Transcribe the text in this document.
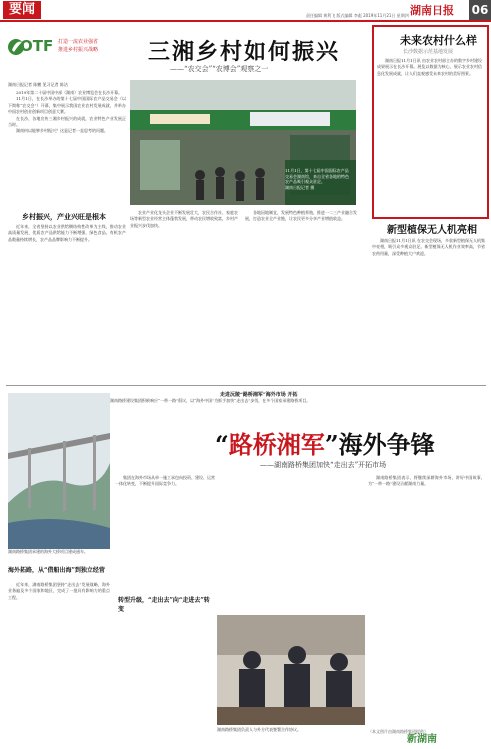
要闻	责任编辑 黄利飞 版式编辑 李彪 2019年11月21日 星期四 湖南日报 06
OTF 打造一流农业强省
推进乡村振兴战略	三湘乡村如何振兴
——“农交会”“农博会”观察之一
湖南日报记者 陈鹏 见习记者 陈洁

2019年第二十届中国中部（湖南）农业博览会在长沙开幕。

11月1日，在长沙举办的第十七届中国国际农产品交易会（以下简称“农交会”）开幕，集中展示我国农业农村发展成就，并举办中国农村创业创新项目创意大赛。

在长沙，各地宣传三湘乡村振兴的成就，农业特色产业发展正当时。

湖南何以能够乡村振兴？这是记者一直思考的问题。

乡村振兴，产业兴旺是根本

近年来，全省坚持以农业供给侧结构性改革为主线，推动农业高质量发展，优质农产品供给能力不断增强，绿色食品、有机农产品数量持续增长，农产品品牌影响力不断提升。

11月1日，第十七届中国国际农产品交易会湖南馆，来自全省各地的特色农产品吸引观众驻足。
湖南日报记者 摄

农业产业化龙头企业不断发展壮大，农民合作社、家庭农场等新型农业经营主体蓬勃发展，带动农民增收致富，乡村产业振兴步伐加快。

各地因地制宜，发展特色种植养殖，推进一二三产业融合发展，打造农业全产业链，让农民更多分享产业增值收益。

未来农村什么样
长沙数据示范基地发展

湖南日报11月1日讯 由农业农村部主办的数字乡村建设成果展示在长沙开幕。展览以数据为核心，展示农业农村信息化发展成就，让人们直观感受未来农村的美好图景。

新型植保无人机亮相

湖南日报11月1日讯 在农交会现场，多款新型植保无人机集中亮相，吸引众多观众驻足。新型植保无人机作业效率高，节省农药用量，深受种植大户欢迎。

湖南路桥集团承建的海外大桥项目建成通车。
走进沅陵“路桥湘军”海外市场 开拓
湖南路桥建设集团积极响应“一带一路”倡议，以“海外中国”为抓手加快“走出去”步伐，在多个国家承建路桥项目。
“路桥湘军”海外争锋
——湖南路桥集团加快“走出去”开拓市场
海外拓路，从“借船出海”到独立经营

近年来，湖南路桥集团坚持“走出去”发展战略，海外业务遍及多个国家和地区，完成了一批具有影响力的重点工程。

集团在海外市场从单一施工承包向投资、建设、运营一体化转变，不断提升国际竞争力。

转型升级，“走出去”向“走进去”转变

湖南路桥集团表示，将继续深耕海外市场，讲好中国故事，为“一带一路”建设贡献湖南力量。

湖南路桥集团负责人与外方代表签署合作协议。	（本文图片由湖南路桥集团提供）
新湖南
